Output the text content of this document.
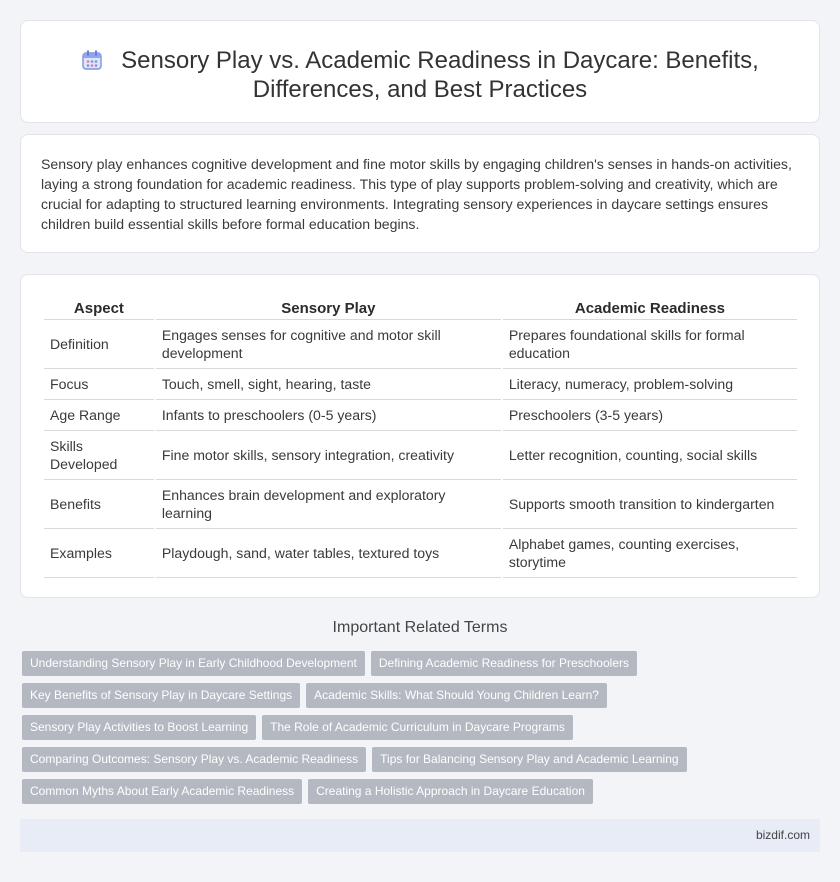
Sensory Play vs. Academic Readiness in Daycare: Benefits,
Differences, and Best Practices

Sensory play enhances cognitive development and fine motor skills by engaging children's senses in hands-on activities, laying a strong foundation for academic readiness. This type of play supports problem-solving and creativity, which are crucial for adapting to structured learning environments. Integrating sensory experiences in daycare settings ensures children build essential skills before formal education begins.

Aspect	Sensory Play	Academic Readiness
Definition	Engages senses for cognitive and motor skill development	Prepares foundational skills for formal education
Focus	Touch, smell, sight, hearing, taste	Literacy, numeracy, problem-solving
Age Range	Infants to preschoolers (0-5 years)	Preschoolers (3-5 years)
Skills Developed	Fine motor skills, sensory integration, creativity	Letter recognition, counting, social skills
Benefits	Enhances brain development and exploratory learning	Supports smooth transition to kindergarten
Examples	Playdough, sand, water tables, textured toys	Alphabet games, counting exercises, storytime
Important Related Terms
Understanding Sensory Play in Early Childhood Development Defining Academic Readiness for Preschoolers
Key Benefits of Sensory Play in Daycare Settings Academic Skills: What Should Young Children Learn?
Sensory Play Activities to Boost Learning The Role of Academic Curriculum in Daycare Programs
Comparing Outcomes: Sensory Play vs. Academic Readiness Tips for Balancing Sensory Play and Academic Learning
Common Myths About Early Academic Readiness Creating a Holistic Approach in Daycare Education
bizdif.com
